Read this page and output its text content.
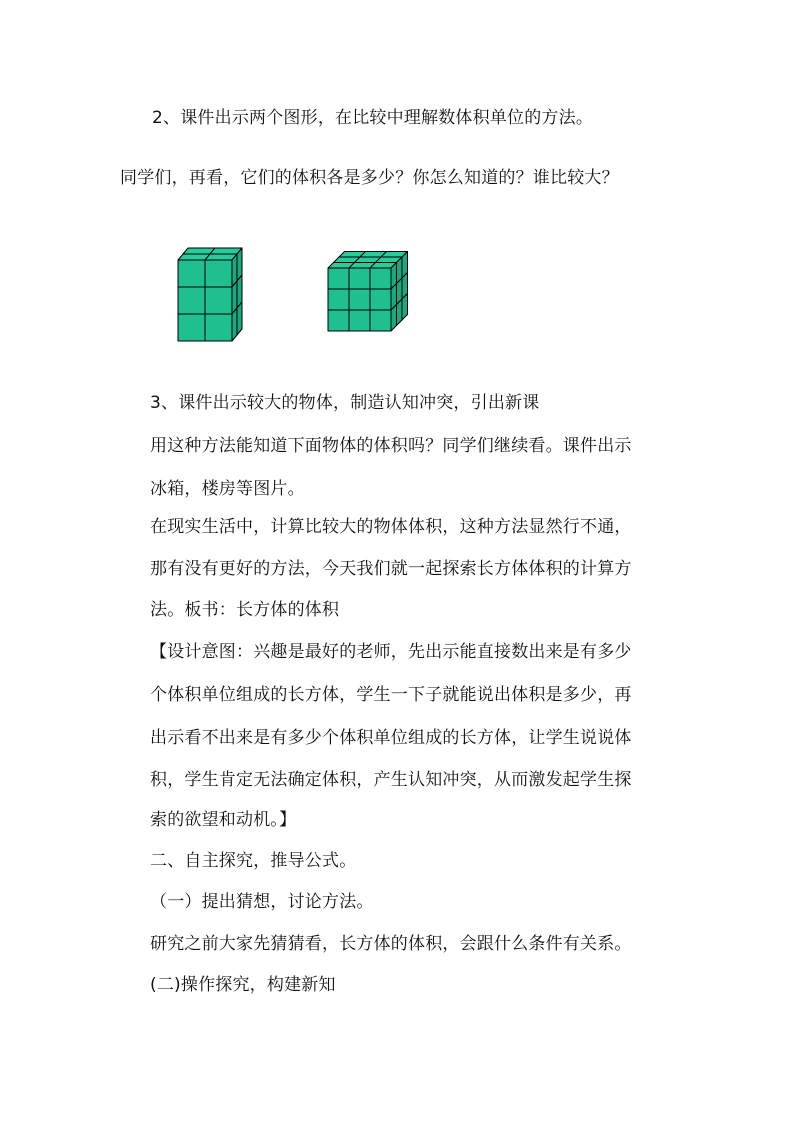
2、课件出示两个图形，在比较中理解数体积单位的方法。
同学们，再看，它们的体积各是多少？你怎么知道的？谁比较大？
3、课件出示较大的物体，制造认知冲突，引出新课
用这种方法能知道下面物体的体积吗？同学们继续看。课件出示
冰箱，楼房等图片。
在现实生活中，计算比较大的物体体积，这种方法显然行不通，
那有没有更好的方法，今天我们就一起探索长方体体积的计算方
法。板书：长方体的体积
【设计意图：兴趣是最好的老师，先出示能直接数出来是有多少
个体积单位组成的长方体，学生一下子就能说出体积是多少，再
出示看不出来是有多少个体积单位组成的长方体，让学生说说体
积，学生肯定无法确定体积，产生认知冲突，从而激发起学生探
索的欲望和动机。】
二、自主探究，推导公式。
（一）提出猜想，讨论方法。
研究之前大家先猜猜看，长方体的体积，会跟什么条件有关系。
(二)操作探究，构建新知
